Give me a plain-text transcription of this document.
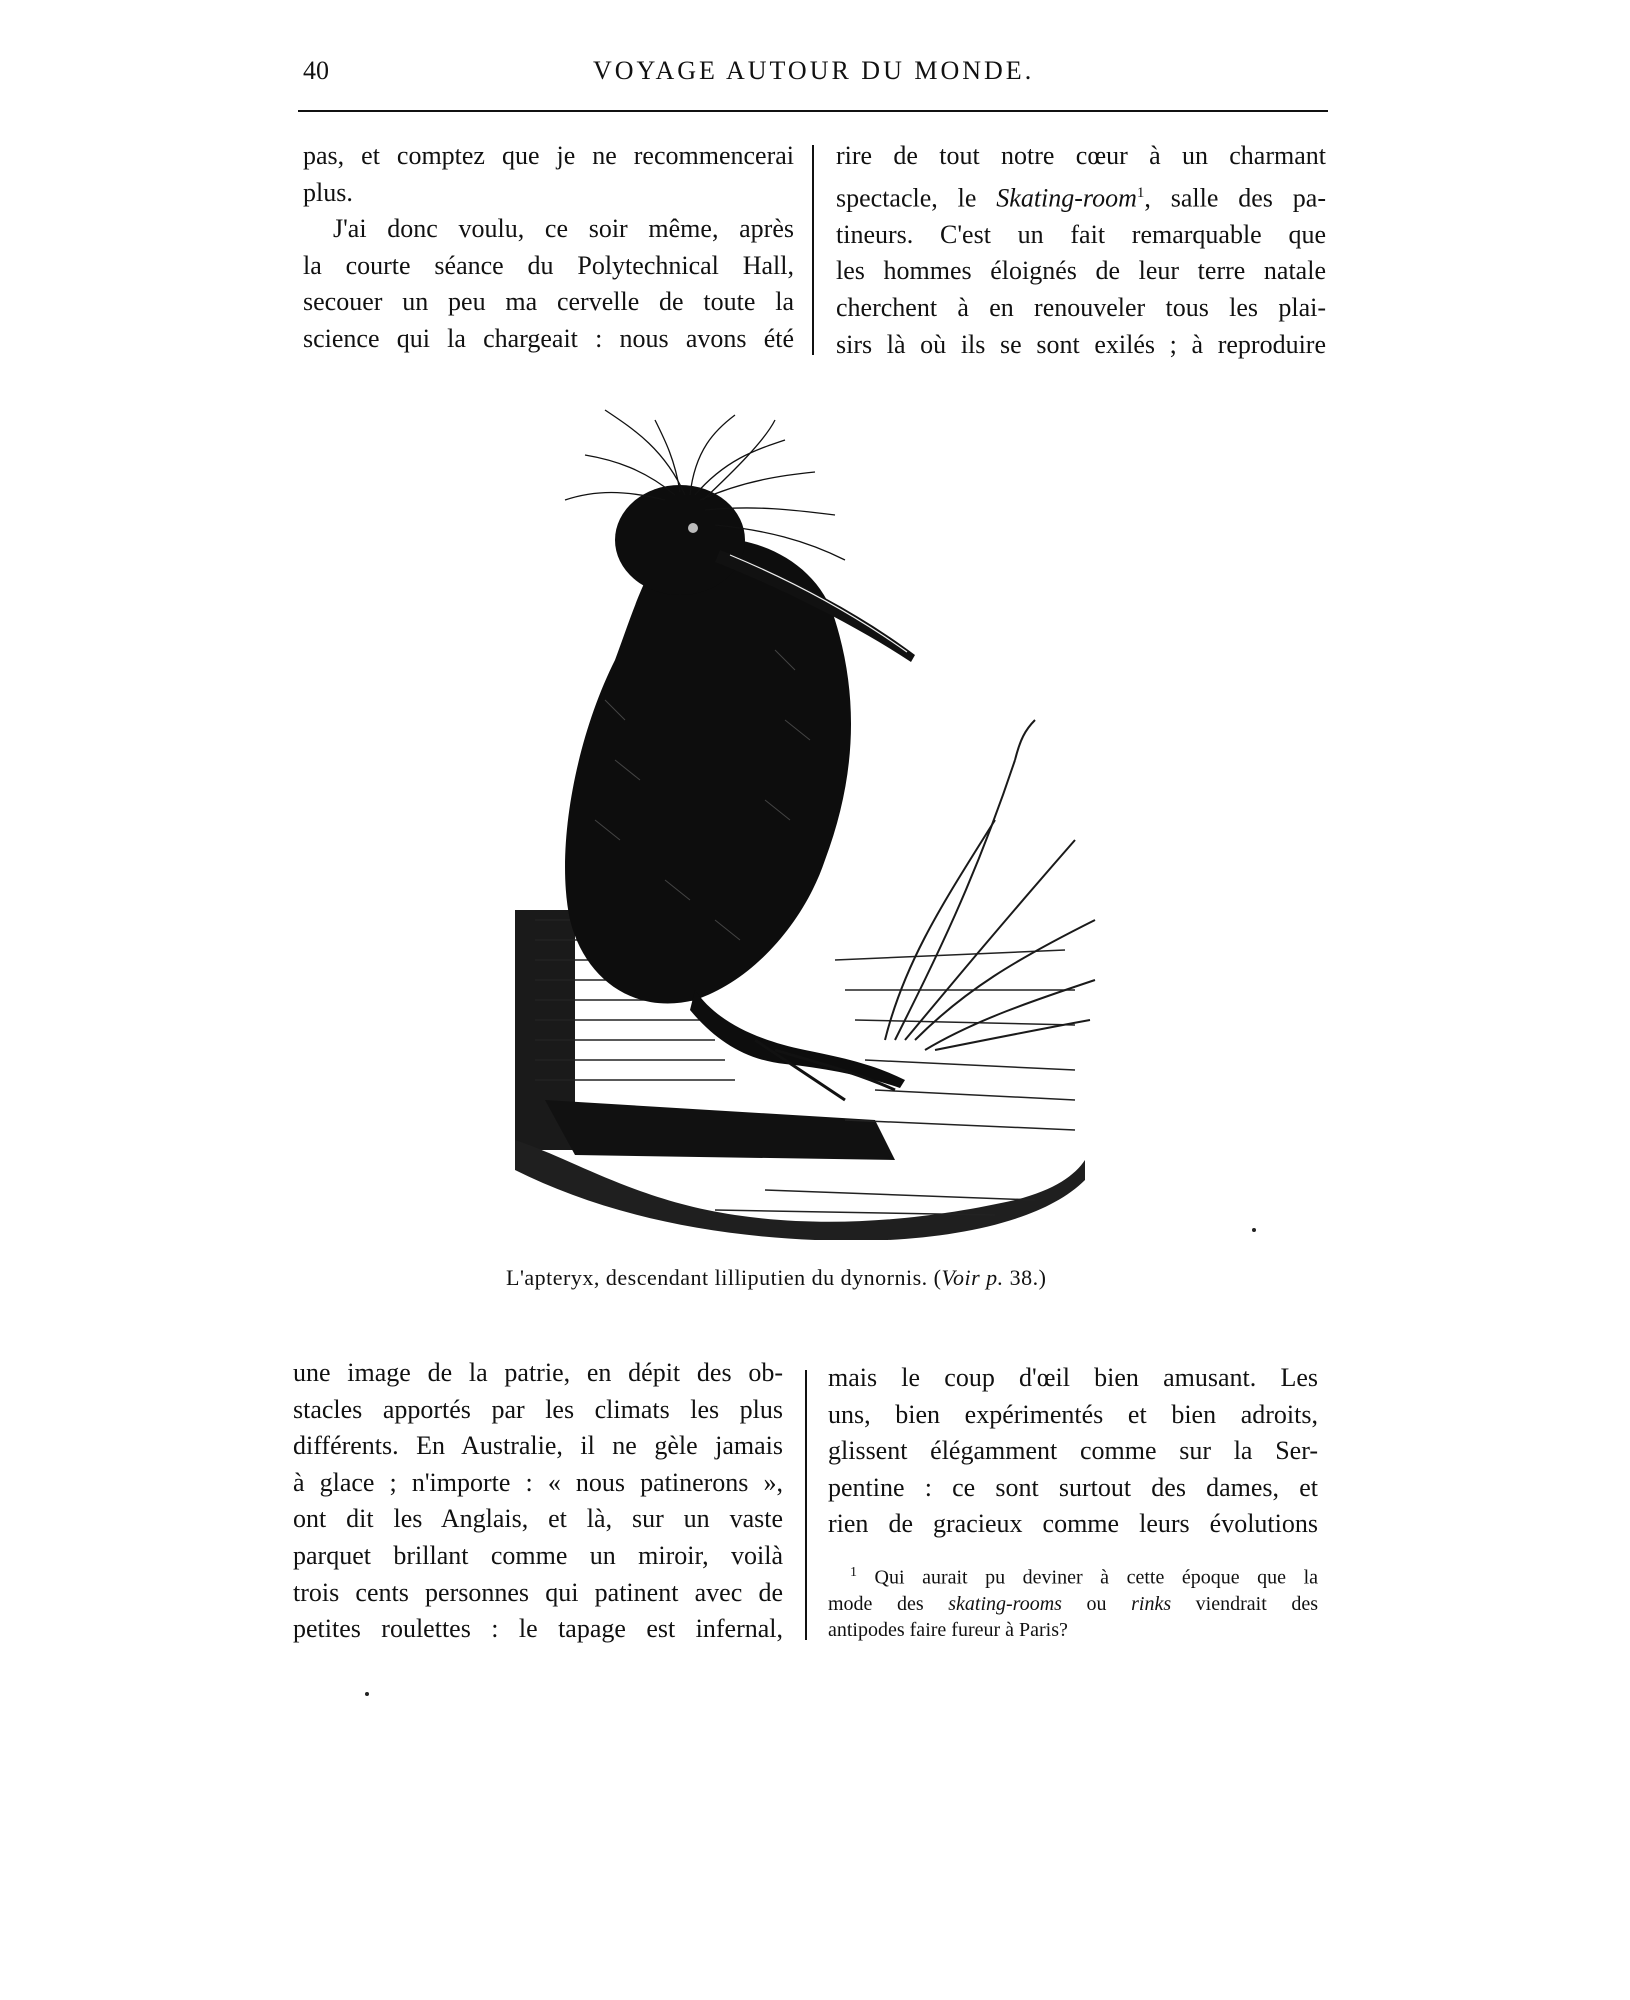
40	VOYAGE AUTOUR DU MONDE.
pas, et comptez que je ne recommencerai
plus.
J'ai donc voulu, ce soir même, après
la courte séance du Polytechnical Hall,
secouer un peu ma cervelle de toute la
science qui la chargeait : nous avons été
rire de tout notre cœur à un charmant
spectacle, le Skating-room$^1$, salle des pa-
tineurs. C'est un fait remarquable que
les hommes éloignés de leur terre natale
cherchent à en renouveler tous les plai-
sirs là où ils se sont exilés ; à reproduire
L'apteryx, descendant lilliputien du dynornis. (Voir p. 38.)
une image de la patrie, en dépit des ob-
stacles apportés par les climats les plus
différents. En Australie, il ne gèle jamais
à glace ; n'importe : « nous patinerons »,
ont dit les Anglais, et là, sur un vaste
parquet brillant comme un miroir, voilà
trois cents personnes qui patinent avec de
petites roulettes : le tapage est infernal,
mais le coup d'œil bien amusant. Les
uns, bien expérimentés et bien adroits,
glissent élégamment comme sur la Ser-
pentine : ce sont surtout des dames, et
rien de gracieux comme leurs évolutions
$^1$ Qui aurait pu deviner à cette époque que la
mode des skating-rooms ou rinks viendrait des
antipodes faire fureur à Paris?
